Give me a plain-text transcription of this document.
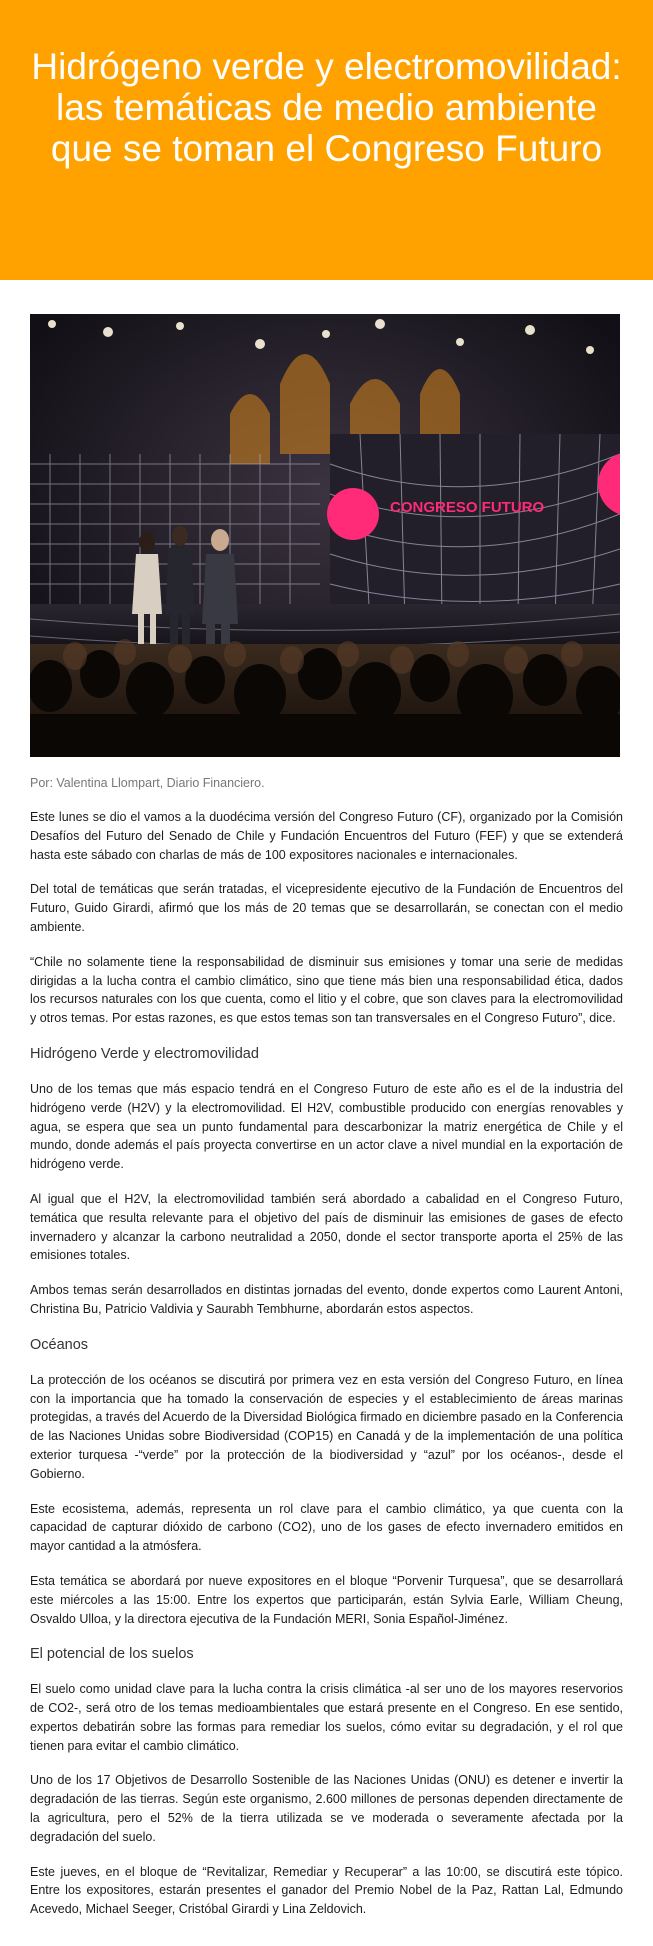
Hidrógeno verde y electromovilidad: las temáticas de medio ambiente que se toman el Congreso Futuro
CONGRESO FUTURO

Por: Valentina Llompart, Diario Financiero.

Este lunes se dio el vamos a la duodécima versión del Congreso Futuro (CF), organizado por la Comisión Desafíos del Futuro del Senado de Chile y Fundación Encuentros del Futuro (FEF) y que se extenderá hasta este sábado con charlas de más de 100 expositores nacionales e internacionales.

Del total de temáticas que serán tratadas, el vicepresidente ejecutivo de la Fundación de Encuentros del Futuro, Guido Girardi, afirmó que los más de 20 temas que se desarrollarán, se conectan con el medio ambiente.

“Chile no solamente tiene la responsabilidad de disminuir sus emisiones y tomar una serie de medidas dirigidas a la lucha contra el cambio climático, sino que tiene más bien una responsabilidad ética, dados los recursos naturales con los que cuenta, como el litio y el cobre, que son claves para la electromovilidad y otros temas. Por estas razones, es que estos temas son tan transversales en el Congreso Futuro”, dice.

Hidrógeno Verde y electromovilidad

Uno de los temas que más espacio tendrá en el Congreso Futuro de este año es el de la industria del hidrógeno verde (H2V) y la electromovilidad. El H2V, combustible producido con energías renovables y agua, se espera que sea un punto fundamental para descarbonizar la matriz energética de Chile y el mundo, donde además el país proyecta convertirse en un actor clave a nivel mundial en la exportación de hidrógeno verde.

Al igual que el H2V, la electromovilidad también será abordado a cabalidad en el Congreso Futuro, temática que resulta relevante para el objetivo del país de disminuir las emisiones de gases de efecto invernadero y alcanzar la carbono neutralidad a 2050, donde el sector transporte aporta el 25% de las emisiones totales.

Ambos temas serán desarrollados en distintas jornadas del evento, donde expertos como Laurent Antoni, Christina Bu, Patricio Valdivia y Saurabh Tembhurne, abordarán estos aspectos.

Océanos

La protección de los océanos se discutirá por primera vez en esta versión del Congreso Futuro, en línea con la importancia que ha tomado la conservación de especies y el establecimiento de áreas marinas protegidas, a través del Acuerdo de la Diversidad Biológica firmado en diciembre pasado en la Conferencia de las Naciones Unidas sobre Biodiversidad (COP15) en Canadá y de la implementación de una política exterior turquesa -“verde” por la protección de la biodiversidad y “azul” por los océanos-, desde el Gobierno.

Este ecosistema, además, representa un rol clave para el cambio climático, ya que cuenta con la capacidad de capturar dióxido de carbono (CO2), uno de los gases de efecto invernadero emitidos en mayor cantidad a la atmósfera.

Esta temática se abordará por nueve expositores en el bloque “Porvenir Turquesa”, que se desarrollará este miércoles a las 15:00. Entre los expertos que participarán, están Sylvia Earle, William Cheung, Osvaldo Ulloa, y la directora ejecutiva de la Fundación MERI, Sonia Español-Jiménez.

El potencial de los suelos

El suelo como unidad clave para la lucha contra la crisis climática -al ser uno de los mayores reservorios de CO2-, será otro de los temas medioambientales que estará presente en el Congreso. En ese sentido, expertos debatirán sobre las formas para remediar los suelos, cómo evitar su degradación, y el rol que tienen para evitar el cambio climático.

Uno de los 17 Objetivos de Desarrollo Sostenible de las Naciones Unidas (ONU) es detener e invertir la degradación de las tierras. Según este organismo, 2.600 millones de personas dependen directamente de la agricultura, pero el 52% de la tierra utilizada se ve moderada o severamente afectada por la degradación del suelo.

Este jueves, en el bloque de “Revitalizar, Remediar y Recuperar” a las 10:00, se discutirá este tópico. Entre los expositores, estarán presentes el ganador del Premio Nobel de la Paz, Rattan Lal, Edmundo Acevedo, Michael Seeger, Cristóbal Girardi y Lina Zeldovich.
